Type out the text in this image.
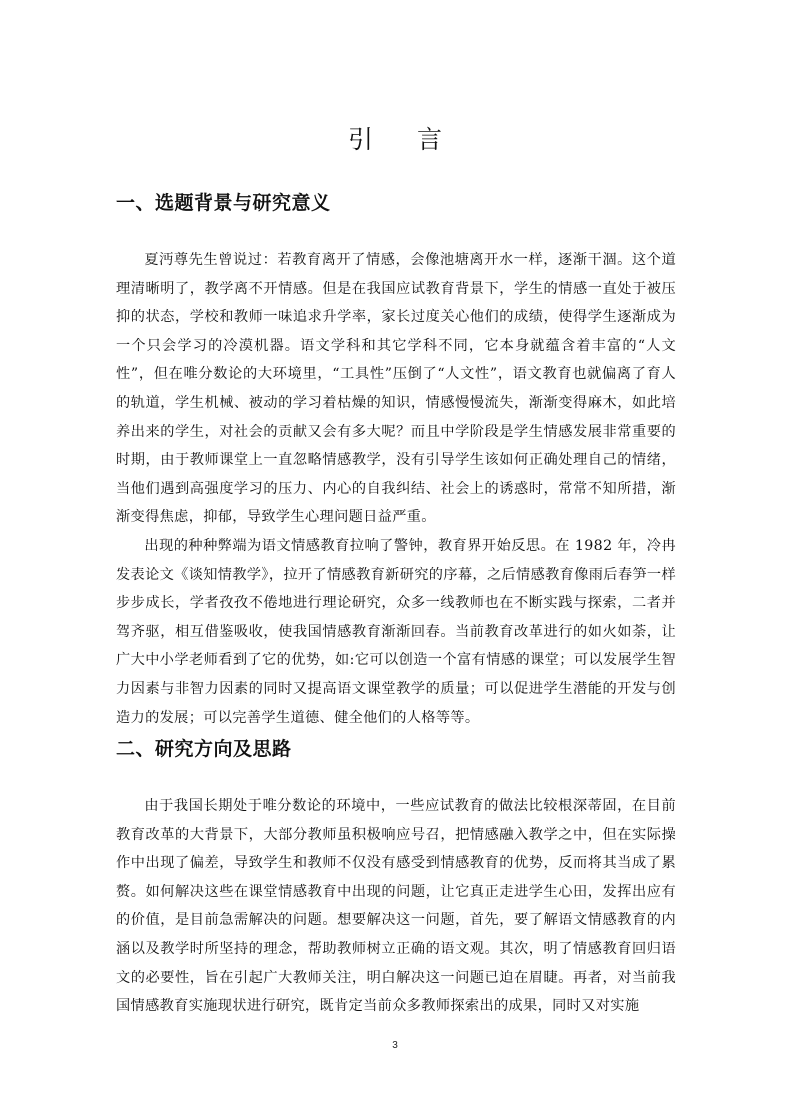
引言
一、选题背景与研究意义

夏沔尊先生曾说过：若教育离开了情感，会像池塘离开水一样，逐渐干涸。这个道理清晰明了，教学离不开情感。但是在我国应试教育背景下，学生的情感一直处于被压抑的状态，学校和教师一味追求升学率，家长过度关心他们的成绩，使得学生逐渐成为一个只会学习的冷漠机器。语文学科和其它学科不同，它本身就蕴含着丰富的“人文性”，但在唯分数论的大环境里，“工具性”压倒了“人文性”，语文教育也就偏离了育人的轨道，学生机械、被动的学习着枯燥的知识，情感慢慢流失，渐渐变得麻木，如此培养出来的学生，对社会的贡献又会有多大呢？而且中学阶段是学生情感发展非常重要的时期，由于教师课堂上一直忽略情感教学，没有引导学生该如何正确处理自己的情绪，当他们遇到高强度学习的压力、内心的自我纠结、社会上的诱惑时，常常不知所措，渐渐变得焦虑，抑郁，导致学生心理问题日益严重。

出现的种种弊端为语文情感教育拉响了警钟，教育界开始反思。在 1982 年，冷冉发表论文《谈知情教学》，拉开了情感教育新研究的序幕，之后情感教育像雨后春笋一样步步成长，学者孜孜不倦地进行理论研究，众多一线教师也在不断实践与探索，二者并驾齐驱，相互借鉴吸收，使我国情感教育渐渐回春。当前教育改革进行的如火如荼，让广大中小学老师看到了它的优势，如:它可以创造一个富有情感的课堂；可以发展学生智力因素与非智力因素的同时又提高语文课堂教学的质量；可以促进学生潜能的开发与创造力的发展；可以完善学生道德、健全他们的人格等等。

二、研究方向及思路

由于我国长期处于唯分数论的环境中，一些应试教育的做法比较根深蒂固，在目前教育改革的大背景下，大部分教师虽积极响应号召，把情感融入教学之中，但在实际操作中出现了偏差，导致学生和教师不仅没有感受到情感教育的优势，反而将其当成了累赘。如何解决这些在课堂情感教育中出现的问题，让它真正走进学生心田，发挥出应有的价值，是目前急需解决的问题。想要解决这一问题，首先，要了解语文情感教育的内涵以及教学时所坚持的理念，帮助教师树立正确的语文观。其次，明了情感教育回归语文的必要性，旨在引起广大教师关注，明白解决这一问题已迫在眉睫。再者，对当前我国情感教育实施现状进行研究，既肯定当前众多教师探索出的成果，同时又对实施

3
